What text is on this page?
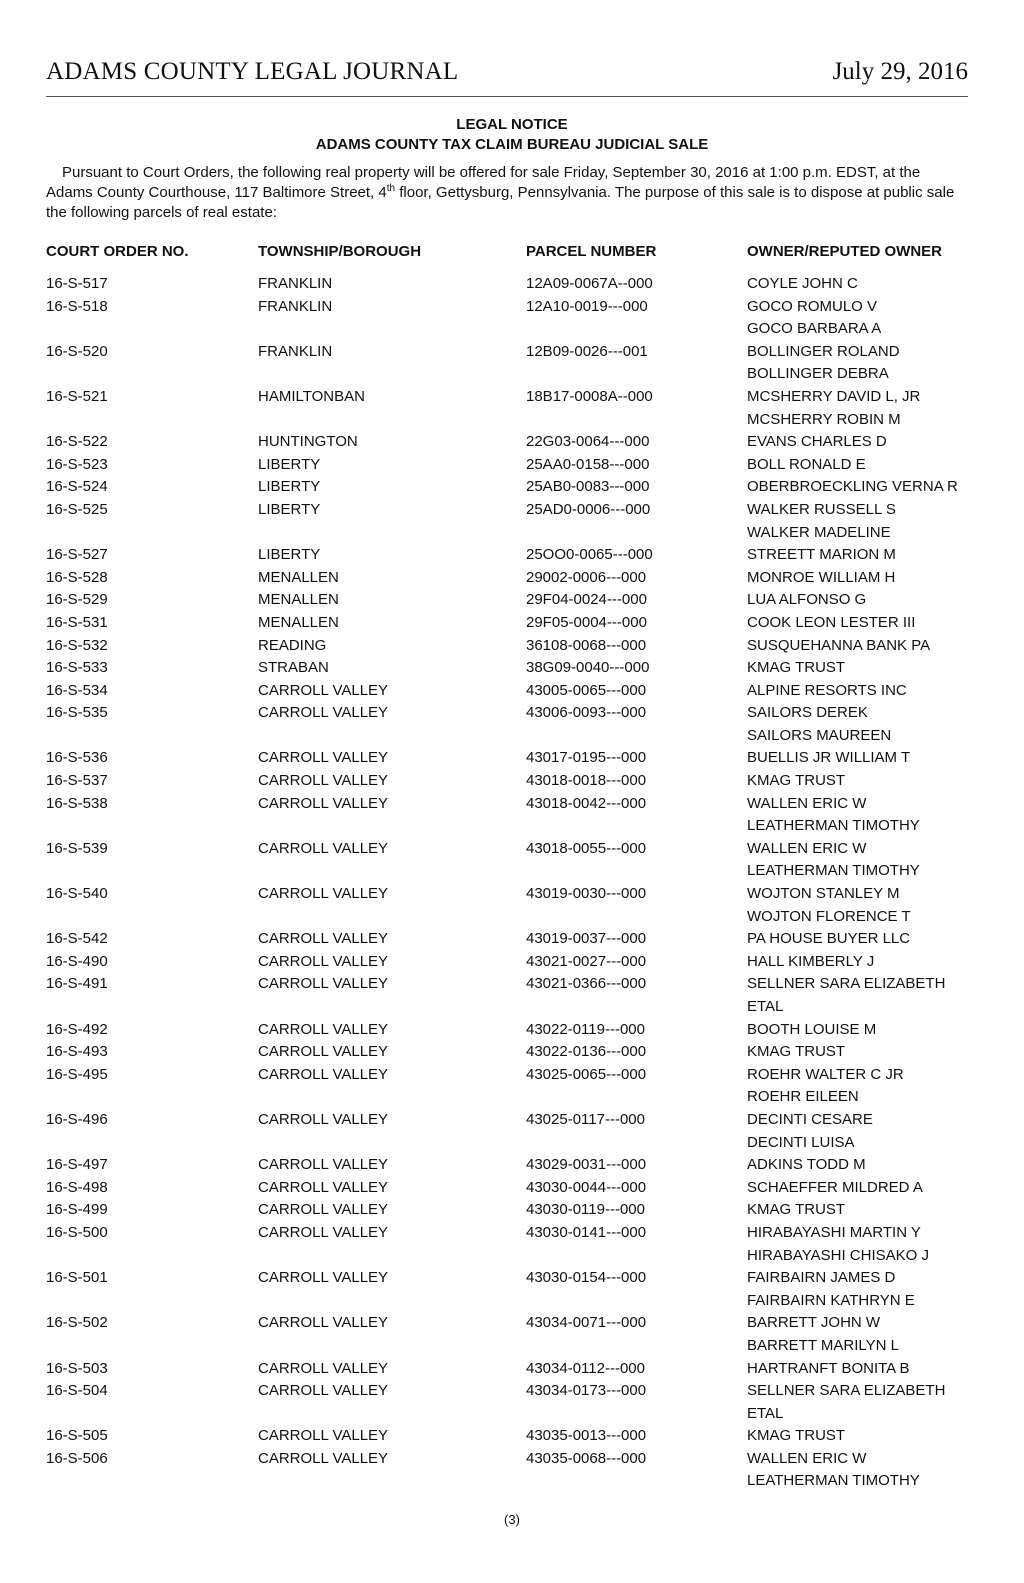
ADAMS COUNTY LEGAL JOURNAL	July 29, 2016
LEGAL NOTICE
ADAMS COUNTY TAX CLAIM BUREAU JUDICIAL SALE

Pursuant to Court Orders, the following real property will be offered for sale Friday, September 30, 2016 at 1:00 p.m. EDST, at the Adams County Courthouse, 117 Baltimore Street, 4th floor, Gettysburg, Pennsylvania. The purpose of this sale is to dispose at public sale the following parcels of real estate:

COURT ORDER NO.	TOWNSHIP/BOROUGH	PARCEL NUMBER	OWNER/REPUTED OWNER
16-S-517	FRANKLIN	12A09-0067A--000	COYLE JOHN C
16-S-518	FRANKLIN	12A10-0019---000	GOCO ROMULO V
GOCO BARBARA A
16-S-520	FRANKLIN	12B09-0026---001	BOLLINGER ROLAND
BOLLINGER DEBRA
16-S-521	HAMILTONBAN	18B17-0008A--000	MCSHERRY DAVID L, JR
MCSHERRY ROBIN M
16-S-522	HUNTINGTON	22G03-0064---000	EVANS CHARLES D
16-S-523	LIBERTY	25AA0-0158---000	BOLL RONALD E
16-S-524	LIBERTY	25AB0-0083---000	OBERBROECKLING VERNA R
16-S-525	LIBERTY	25AD0-0006---000	WALKER RUSSELL S
WALKER MADELINE
16-S-527	LIBERTY	25OO0-0065---000	STREETT MARION M
16-S-528	MENALLEN	29002-0006---000	MONROE WILLIAM H
16-S-529	MENALLEN	29F04-0024---000	LUA ALFONSO G
16-S-531	MENALLEN	29F05-0004---000	COOK LEON LESTER III
16-S-532	READING	36108-0068---000	SUSQUEHANNA BANK PA
16-S-533	STRABAN	38G09-0040---000	KMAG TRUST
16-S-534	CARROLL VALLEY	43005-0065---000	ALPINE RESORTS INC
16-S-535	CARROLL VALLEY	43006-0093---000	SAILORS DEREK
SAILORS MAUREEN
16-S-536	CARROLL VALLEY	43017-0195---000	BUELLIS JR WILLIAM T
16-S-537	CARROLL VALLEY	43018-0018---000	KMAG TRUST
16-S-538	CARROLL VALLEY	43018-0042---000	WALLEN ERIC W
LEATHERMAN TIMOTHY
16-S-539	CARROLL VALLEY	43018-0055---000	WALLEN ERIC W
LEATHERMAN TIMOTHY
16-S-540	CARROLL VALLEY	43019-0030---000	WOJTON STANLEY M
WOJTON FLORENCE T
16-S-542	CARROLL VALLEY	43019-0037---000	PA HOUSE BUYER LLC
16-S-490	CARROLL VALLEY	43021-0027---000	HALL KIMBERLY J
16-S-491	CARROLL VALLEY	43021-0366---000	SELLNER SARA ELIZABETH
ETAL
16-S-492	CARROLL VALLEY	43022-0119---000	BOOTH LOUISE M
16-S-493	CARROLL VALLEY	43022-0136---000	KMAG TRUST
16-S-495	CARROLL VALLEY	43025-0065---000	ROEHR WALTER C JR
ROEHR EILEEN
16-S-496	CARROLL VALLEY	43025-0117---000	DECINTI CESARE
DECINTI LUISA
16-S-497	CARROLL VALLEY	43029-0031---000	ADKINS TODD M
16-S-498	CARROLL VALLEY	43030-0044---000	SCHAEFFER MILDRED A
16-S-499	CARROLL VALLEY	43030-0119---000	KMAG TRUST
16-S-500	CARROLL VALLEY	43030-0141---000	HIRABAYASHI MARTIN Y
HIRABAYASHI CHISAKO J
16-S-501	CARROLL VALLEY	43030-0154---000	FAIRBAIRN JAMES D
FAIRBAIRN KATHRYN E
16-S-502	CARROLL VALLEY	43034-0071---000	BARRETT JOHN W
BARRETT MARILYN L
16-S-503	CARROLL VALLEY	43034-0112---000	HARTRANFT BONITA B
16-S-504	CARROLL VALLEY	43034-0173---000	SELLNER SARA ELIZABETH
ETAL
16-S-505	CARROLL VALLEY	43035-0013---000	KMAG TRUST
16-S-506	CARROLL VALLEY	43035-0068---000	WALLEN ERIC W
LEATHERMAN TIMOTHY
(3)
